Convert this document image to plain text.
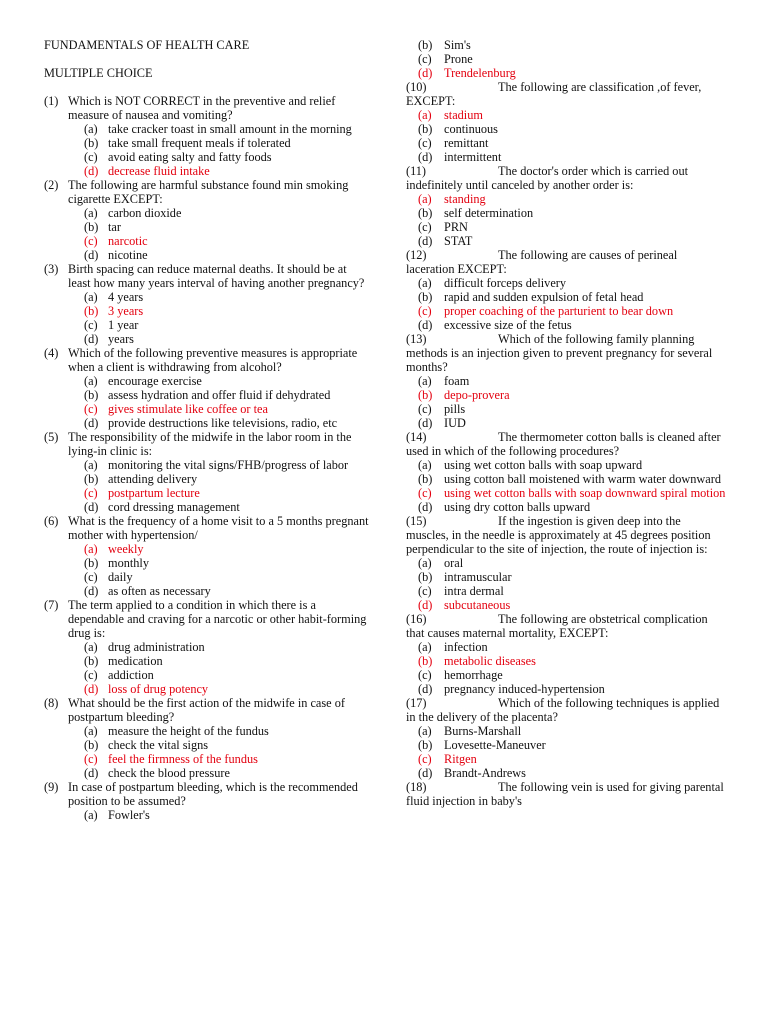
FUNDAMENTALS OF HEALTH CARE
MULTIPLE CHOICE
(1) Which is NOT CORRECT in the preventive and relief measure of nausea and vomiting?
(a) take cracker toast in small amount in the morning
(b) take small frequent meals if tolerated
(c) avoid eating salty and fatty foods
(d) decrease fluid intake
(2) The following are harmful substance found min smoking cigarette EXCEPT:
(a) carbon dioxide
(b) tar
(c) narcotic
(d) nicotine
(3) Birth spacing can reduce maternal deaths. It should be at least how many years interval of having another pregnancy?
(a) 4 years
(b) 3 years
(c) 1 year
(d) years
(4) Which of the following preventive measures is appropriate when a client is withdrawing from alcohol?
(a) encourage exercise
(b) assess hydration and offer fluid if dehydrated
(c) gives stimulate like coffee or tea
(d) provide destructions like televisions, radio, etc
(5) The responsibility of the midwife in the labor room in the lying-in clinic is:
(a) monitoring the vital signs/FHB/progress of labor
(b) attending delivery
(c) postpartum lecture
(d) cord dressing management
(6) What is the frequency of a home visit to a 5 months pregnant mother with hypertension/
(a) weekly
(b) monthly
(c) daily
(d) as often as necessary
(7) The term applied to a condition in which there is a dependable and craving for a narcotic or other habit-forming drug is:
(a) drug administration
(b) medication
(c) addiction
(d) loss of drug potency
(8) What should be the first action of the midwife in case of postpartum bleeding?
(a) measure the height of the fundus
(b) check the vital signs
(c) feel the firmness of the fundus
(d) check the blood pressure
(9) In case of postpartum bleeding, which is the recommended position to be assumed?
(a) Fowler's
(b) Sim's
(c)	Prone
(d) Trendelenburg
(10)	The following are classification ,of fever, EXCEPT:
(a)	stadium
(b) continuous
(c)	remittant
(d) intermittent
(11)	The doctor's order which is carried out indefinitely until canceled by another order is:
(a)	standing
(b) self determination
(c)	PRN
(d) STAT
(12)	The following are causes of perineal laceration EXCEPT:
(a)	difficult forceps delivery
(b) rapid and sudden expulsion of fetal head
(c)	proper coaching of the parturient to bear down
(d) excessive size of the fetus
(13)	Which of the following family planning methods is an injection given to prevent pregnancy for several months?
(a)	foam
(b) depo-provera
(c)	pills
(d) IUD
(14)	The thermometer cotton balls is cleaned after used in which of the following procedures?
(a)	using wet cotton balls with soap upward
(b) using cotton ball moistened with warm water downward
(c)	using wet cotton balls with soap downward spiral motion
(d) using dry cotton balls upward
(15)	If the ingestion is given deep into the muscles, in the needle is approximately at 45 degrees position perpendicular to the site of injection, the route of injection is:
(a)	oral
(b) intramuscular
(c)	intra dermal
(d) subcutaneous
(16)	The following are obstetrical complication that causes maternal mortality, EXCEPT:
(a)	infection
(b) metabolic diseases
(c)	hemorrhage
(d) pregnancy induced-hypertension
(17)	Which of the following techniques is applied in the delivery of the placenta?
(a)	Burns-Marshall
(b) Lovesette-Maneuver
(c)	Ritgen
(d) Brandt-Andrews
(18)	The following vein is used for giving parental fluid injection in baby's
